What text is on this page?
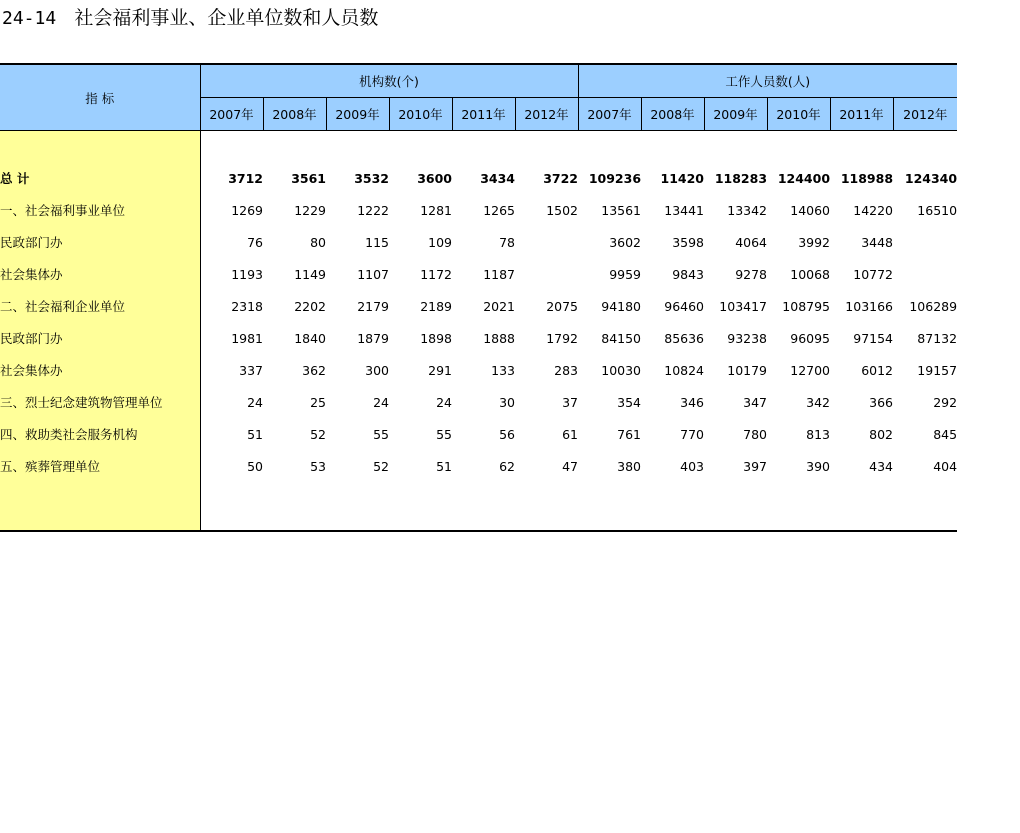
24-14 社会福利事业、企业单位数和人员数
指 标	机构数(个)						工作人员数(人)					
	2007年	2008年	2009年	2010年	2011年	2012年	2007年	2008年	2009年	2010年	2011年	2012年

总 计	3712	3561	3532	3600	3434	3722	109236	11420	118283	124400	118988	124340
一、社会福利事业单位	1269	1229	1222	1281	1265	1502	13561	13441	13342	14060	14220	16510
民政部门办	76	80	115	109	78		3602	3598	4064	3992	3448	
社会集体办	1193	1149	1107	1172	1187		9959	9843	9278	10068	10772	
二、社会福利企业单位	2318	2202	2179	2189	2021	2075	94180	96460	103417	108795	103166	106289
民政部门办	1981	1840	1879	1898	1888	1792	84150	85636	93238	96095	97154	87132
社会集体办	337	362	300	291	133	283	10030	10824	10179	12700	6012	19157
三、烈士纪念建筑物管理单位	24	25	24	24	30	37	354	346	347	342	366	292
四、救助类社会服务机构	51	52	55	55	56	61	761	770	780	813	802	845
五、殡葬管理单位	50	53	52	51	62	47	380	403	397	390	434	404
